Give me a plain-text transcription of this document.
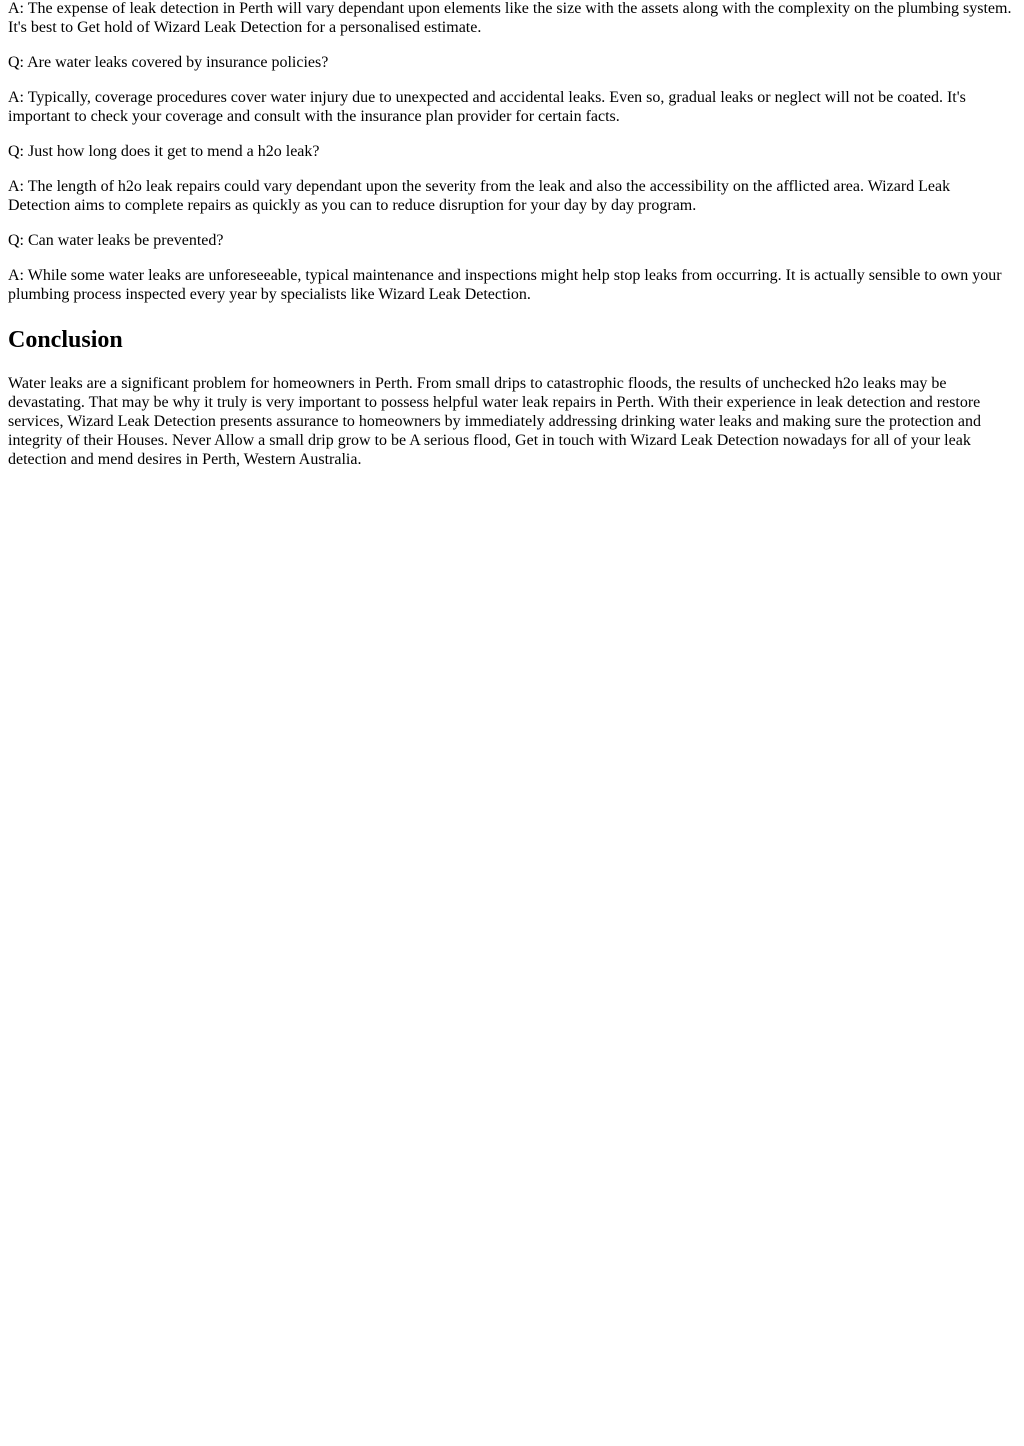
A: The expense of leak detection in Perth will vary dependant upon elements like the size with the assets along with the complexity on the plumbing system. It's best to Get hold of Wizard Leak Detection for a personalised estimate.

Q: Are water leaks covered by insurance policies?

A: Typically, coverage procedures cover water injury due to unexpected and accidental leaks. Even so, gradual leaks or neglect will not be coated. It's important to check your coverage and consult with the insurance plan provider for certain facts.

Q: Just how long does it get to mend a h2o leak?

A: The length of h2o leak repairs could vary dependant upon the severity from the leak and also the accessibility on the afflicted area. Wizard Leak Detection aims to complete repairs as quickly as you can to reduce disruption for your day by day program.

Q: Can water leaks be prevented?

A: While some water leaks are unforeseeable, typical maintenance and inspections might help stop leaks from occurring. It is actually sensible to own your plumbing process inspected every year by specialists like Wizard Leak Detection.

Conclusion

Water leaks are a significant problem for homeowners in Perth. From small drips to catastrophic floods, the results of unchecked h2o leaks may be devastating. That may be why it truly is very important to possess helpful water leak repairs in Perth. With their experience in leak detection and restore services, Wizard Leak Detection presents assurance to homeowners by immediately addressing drinking water leaks and making sure the protection and integrity of their Houses. Never Allow a small drip grow to be A serious flood, Get in touch with Wizard Leak Detection nowadays for all of your leak detection and mend desires in Perth, Western Australia.
